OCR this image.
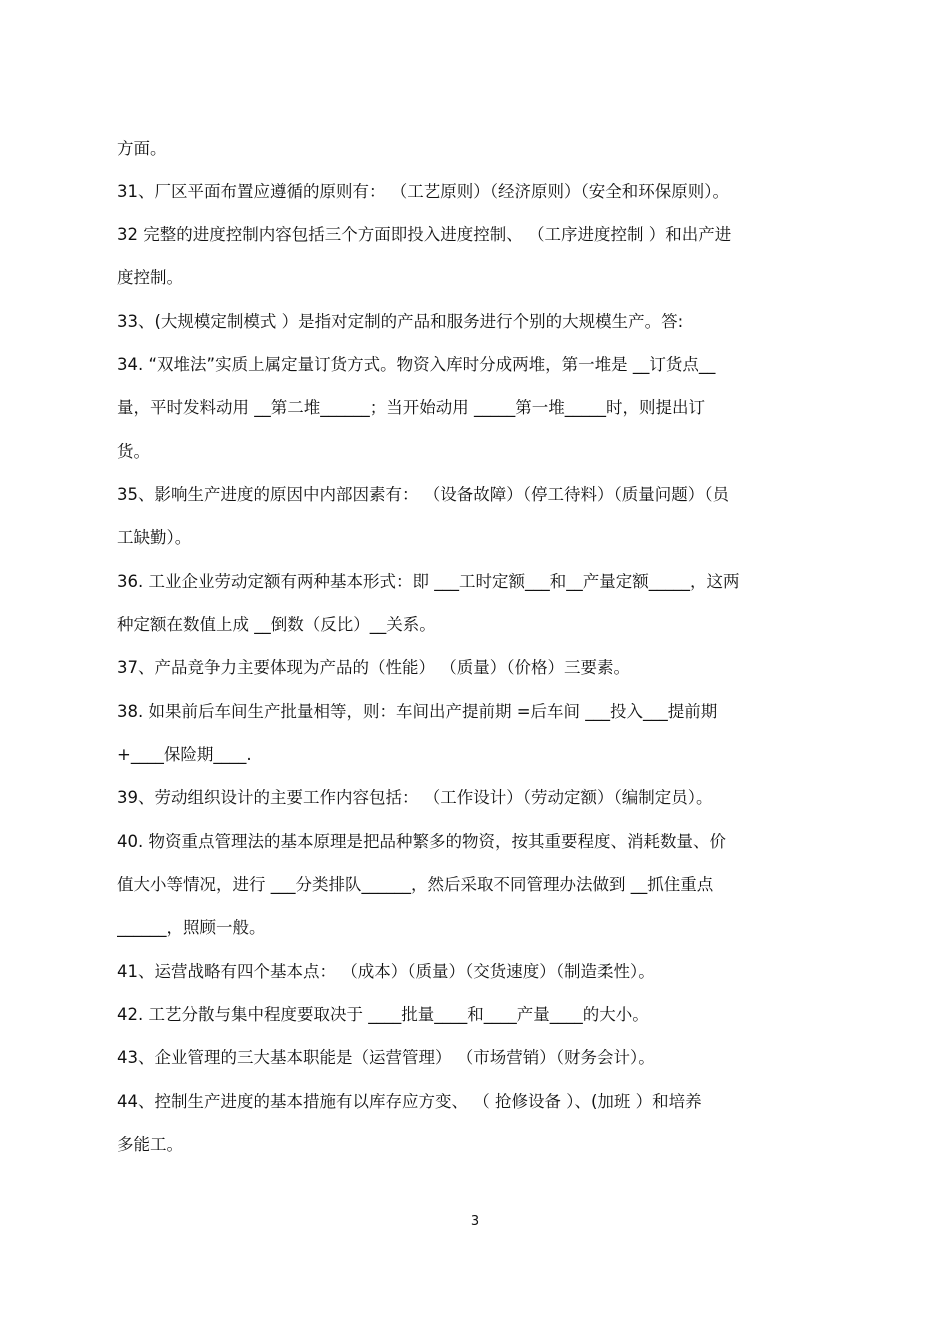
方面。
31、厂区平面布置应遵循的原则有： （工艺原则）（经济原则）（安全和环保原则）。
32 完整的进度控制内容包括三个方面即投入进度控制、 （工序进度控制 ）和出产进
度控制。
33、(大规模定制模式 ）是指对定制的产品和服务进行个别的大规模生产。答:
34. “双堆法”实质上属定量订货方式。物资入库时分成两堆，第一堆是 __订货点__
量，平时发料动用 __第二堆______；当开始动用 _____第一堆_____时，则提出订
货。
35、影响生产进度的原因中内部因素有： （设备故障）（停工待料）（质量问题）（员
工缺勤）。
36. 工业企业劳动定额有两种基本形式：即 ___工时定额___和__产量定额_____，这两
种定额在数值上成 __倒数（反比）__关系。
37、产品竞争力主要体现为产品的（性能） （质量）（价格）三要素。
38. 如果前后车间生产批量相等，则：车间出产提前期 =后车间 ___投入___提前期
+____保险期____.
39、劳动组织设计的主要工作内容包括： （工作设计）（劳动定额）（编制定员）。
40. 物资重点管理法的基本原理是把品种繁多的物资，按其重要程度、消耗数量、价
值大小等情况，进行 ___分类排队______，然后采取不同管理办法做到 __抓住重点
______，照顾一般。
41、运营战略有四个基本点： （成本）（质量）（交货速度）（制造柔性）。
42. 工艺分散与集中程度要取决于 ____批量____和____产量____的大小。
43、企业管理的三大基本职能是（运营管理） （市场营销）（财务会计）。
44、控制生产进度的基本措施有以库存应方变、 （ 抢修设备 ）、(加班 ）和培养
多能工。
3
